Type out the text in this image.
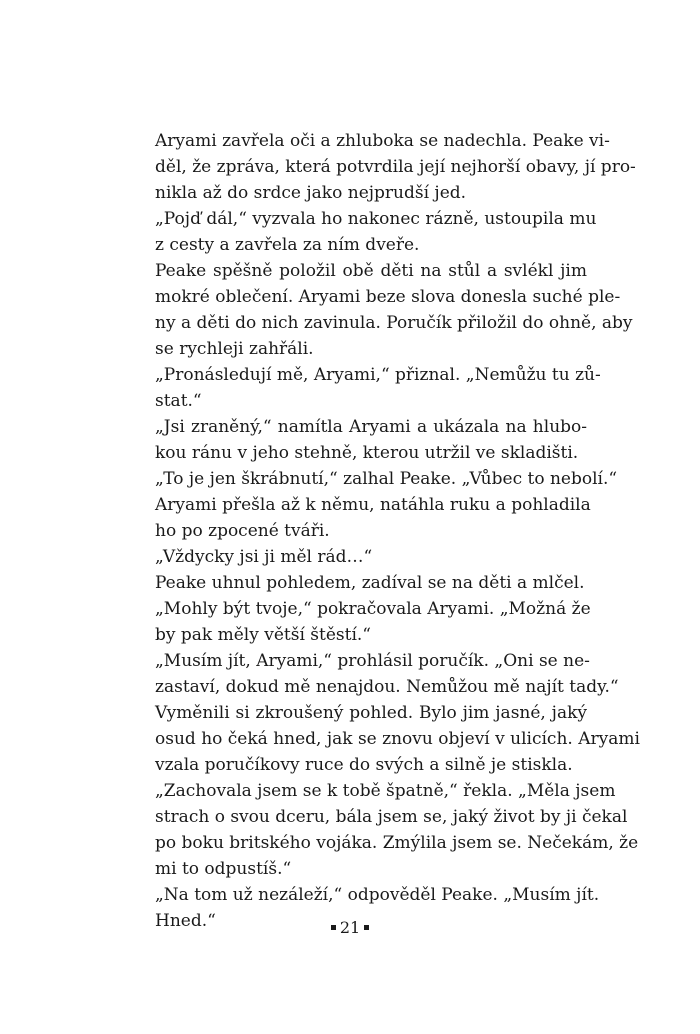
Aryami zavřela oči a zhluboka se nadechla. Peake vi-
děl, že zpráva, která potvrdila její nejhorší obavy, jí pro-
nikla až do srdce jako nejprudší jed.
„Pojď dál,“ vyzvala ho nakonec rázně, ustoupila mu
z cesty a zavřela za ním dveře.
Peake spěšně položil obě děti na stůl a svlékl jim
mokré oblečení. Aryami beze slova donesla suché ple-
ny a děti do nich zavinula. Poručík přiložil do ohně, aby
se rychleji zahřáli.
„Pronásledují mě, Aryami,“ přiznal. „Nemůžu tu zů-
stat.“
„Jsi zraněný,“ namítla Aryami a ukázala na hlubo-
kou ránu v jeho stehně, kterou utržil ve skladišti.
„To je jen škrábnutí,“ zalhal Peake. „Vůbec to nebolí.“
Aryami přešla až k němu, natáhla ruku a pohladila
ho po zpocené tváři.
„Vždycky jsi ji měl rád…“
Peake uhnul pohledem, zadíval se na děti a mlčel.
„Mohly být tvoje,“ pokračovala Aryami. „Možná že
by pak měly větší štěstí.“
„Musím jít, Aryami,“ prohlásil poručík. „Oni se ne-
zastaví, dokud mě nenajdou. Nemůžou mě najít tady.“
Vyměnili si zkroušený pohled. Bylo jim jasné, jaký
osud ho čeká hned, jak se znovu objeví v ulicích. Aryami
vzala poručíkovy ruce do svých a silně je stiskla.
„Zachovala jsem se k tobě špatně,“ řekla. „Měla jsem
strach o svou dceru, bála jsem se, jaký život by ji čekal
po boku britského vojáka. Zmýlila jsem se. Nečekám, že
mi to odpustíš.“
„Na tom už nezáleží,“ odpověděl Peake. „Musím jít.
Hned.“	21
